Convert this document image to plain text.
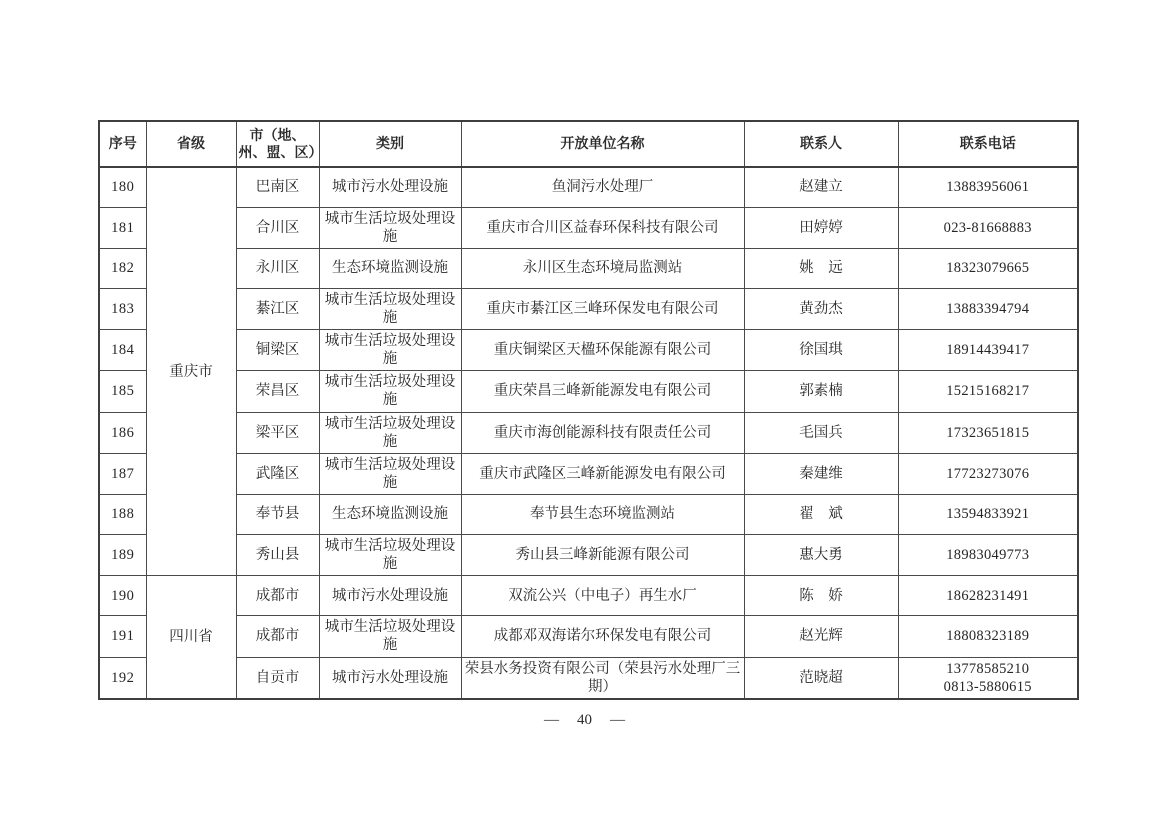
序号	省级	市（地、州、盟、区）	类别	开放单位名称	联系人	联系电话
180	重庆市	巴南区	城市污水处理设施	鱼洞污水处理厂	赵建立	13883956061

181		合川区	城市生活垃圾处理设施	重庆市合川区益春环保科技有限公司	田婷婷	023-81668883

182		永川区	生态环境监测设施	永川区生态环境局监测站	姚　远	18323079665

183		綦江区	城市生活垃圾处理设施	重庆市綦江区三峰环保发电有限公司	黄劲杰	13883394794

184		铜梁区	城市生活垃圾处理设施	重庆铜梁区天楹环保能源有限公司	徐国琪	18914439417

185		荣昌区	城市生活垃圾处理设施	重庆荣昌三峰新能源发电有限公司	郭素楠	15215168217

186		梁平区	城市生活垃圾处理设施	重庆市海创能源科技有限责任公司	毛国兵	17323651815

187		武隆区	城市生活垃圾处理设施	重庆市武隆区三峰新能源发电有限公司	秦建维	17723273076

188		奉节县	生态环境监测设施	奉节县生态环境监测站	翟　斌	13594833921

189		秀山县	城市生活垃圾处理设施	秀山县三峰新能源有限公司	惠大勇	18983049773

190	四川省	成都市	城市污水处理设施	双流公兴（中电子）再生水厂	陈　娇	18628231491

191		成都市	城市生活垃圾处理设施	成都邓双海诺尔环保发电有限公司	赵光辉	18808323189

192		自贡市	城市污水处理设施	荣县水务投资有限公司（荣县污水处理厂三期）	范晓超	13778585210
0813-5880615
— 40 —
